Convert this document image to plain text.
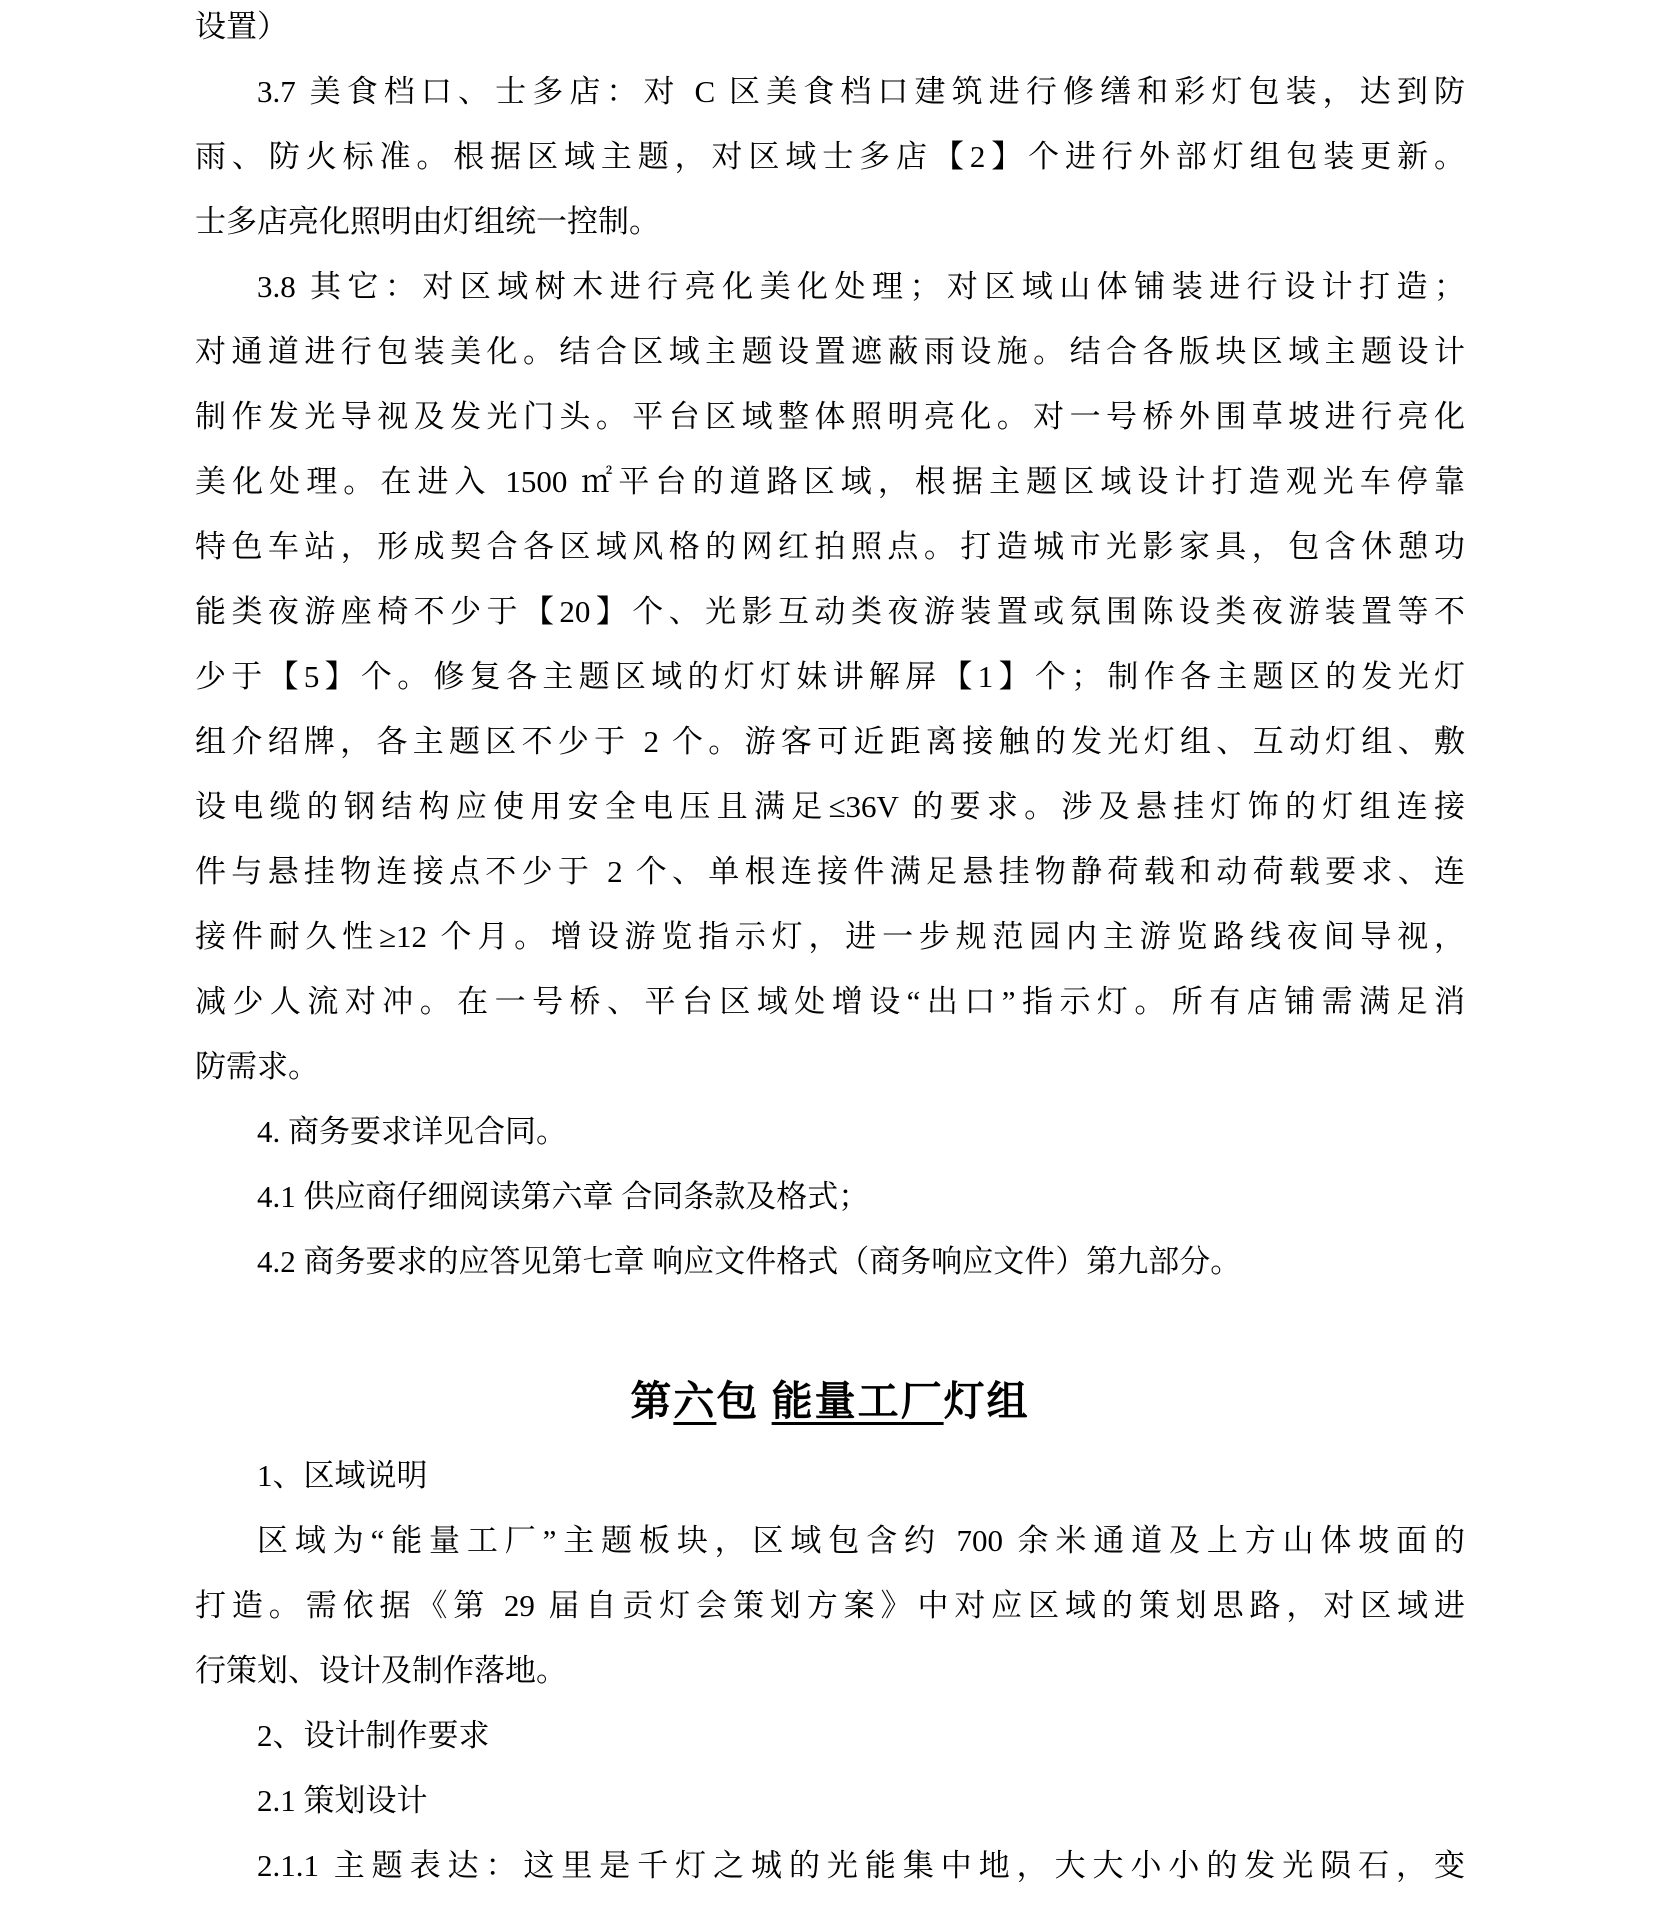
设置）
3.7 美食档口、士多店：对 C 区美食档口建筑进行修缮和彩灯包装，达到防
雨、防火标准。根据区域主题，对区域士多店【2】个进行外部灯组包装更新。
士多店亮化照明由灯组统一控制。
3.8 其它：对区域树木进行亮化美化处理；对区域山体铺装进行设计打造；
对通道进行包装美化。结合区域主题设置遮蔽雨设施。结合各版块区域主题设计
制作发光导视及发光门头。平台区域整体照明亮化。对一号桥外围草坡进行亮化
美化处理。在进入 1500 ㎡平台的道路区域，根据主题区域设计打造观光车停靠
特色车站，形成契合各区域风格的网红拍照点。打造城市光影家具，包含休憩功
能类夜游座椅不少于【20】个、光影互动类夜游装置或氛围陈设类夜游装置等不
少于【5】个。修复各主题区域的灯灯妹讲解屏【1】个；制作各主题区的发光灯
组介绍牌，各主题区不少于 2 个。游客可近距离接触的发光灯组、互动灯组、敷
设电缆的钢结构应使用安全电压且满足≤36V 的要求。涉及悬挂灯饰的灯组连接
件与悬挂物连接点不少于 2 个、单根连接件满足悬挂物静荷载和动荷载要求、连
接件耐久性≥12 个月。增设游览指示灯，进一步规范园内主游览路线夜间导视，
减少人流对冲。在一号桥、平台区域处增设“出口”指示灯。所有店铺需满足消
防需求。
4. 商务要求详见合同。
4.1 供应商仔细阅读第六章 合同条款及格式；
4.2 商务要求的应答见第七章 响应文件格式（商务响应文件）第九部分。
第六包 能量工厂灯组
1、区域说明
区域为“能量工厂”主题板块，区域包含约 700 余米通道及上方山体坡面的
打造。需依据《第 29 届自贡灯会策划方案》中对应区域的策划思路，对区域进
行策划、设计及制作落地。
2、设计制作要求
2.1 策划设计
2.1.1 主题表达：这里是千灯之城的光能集中地，大大小小的发光陨石，变
